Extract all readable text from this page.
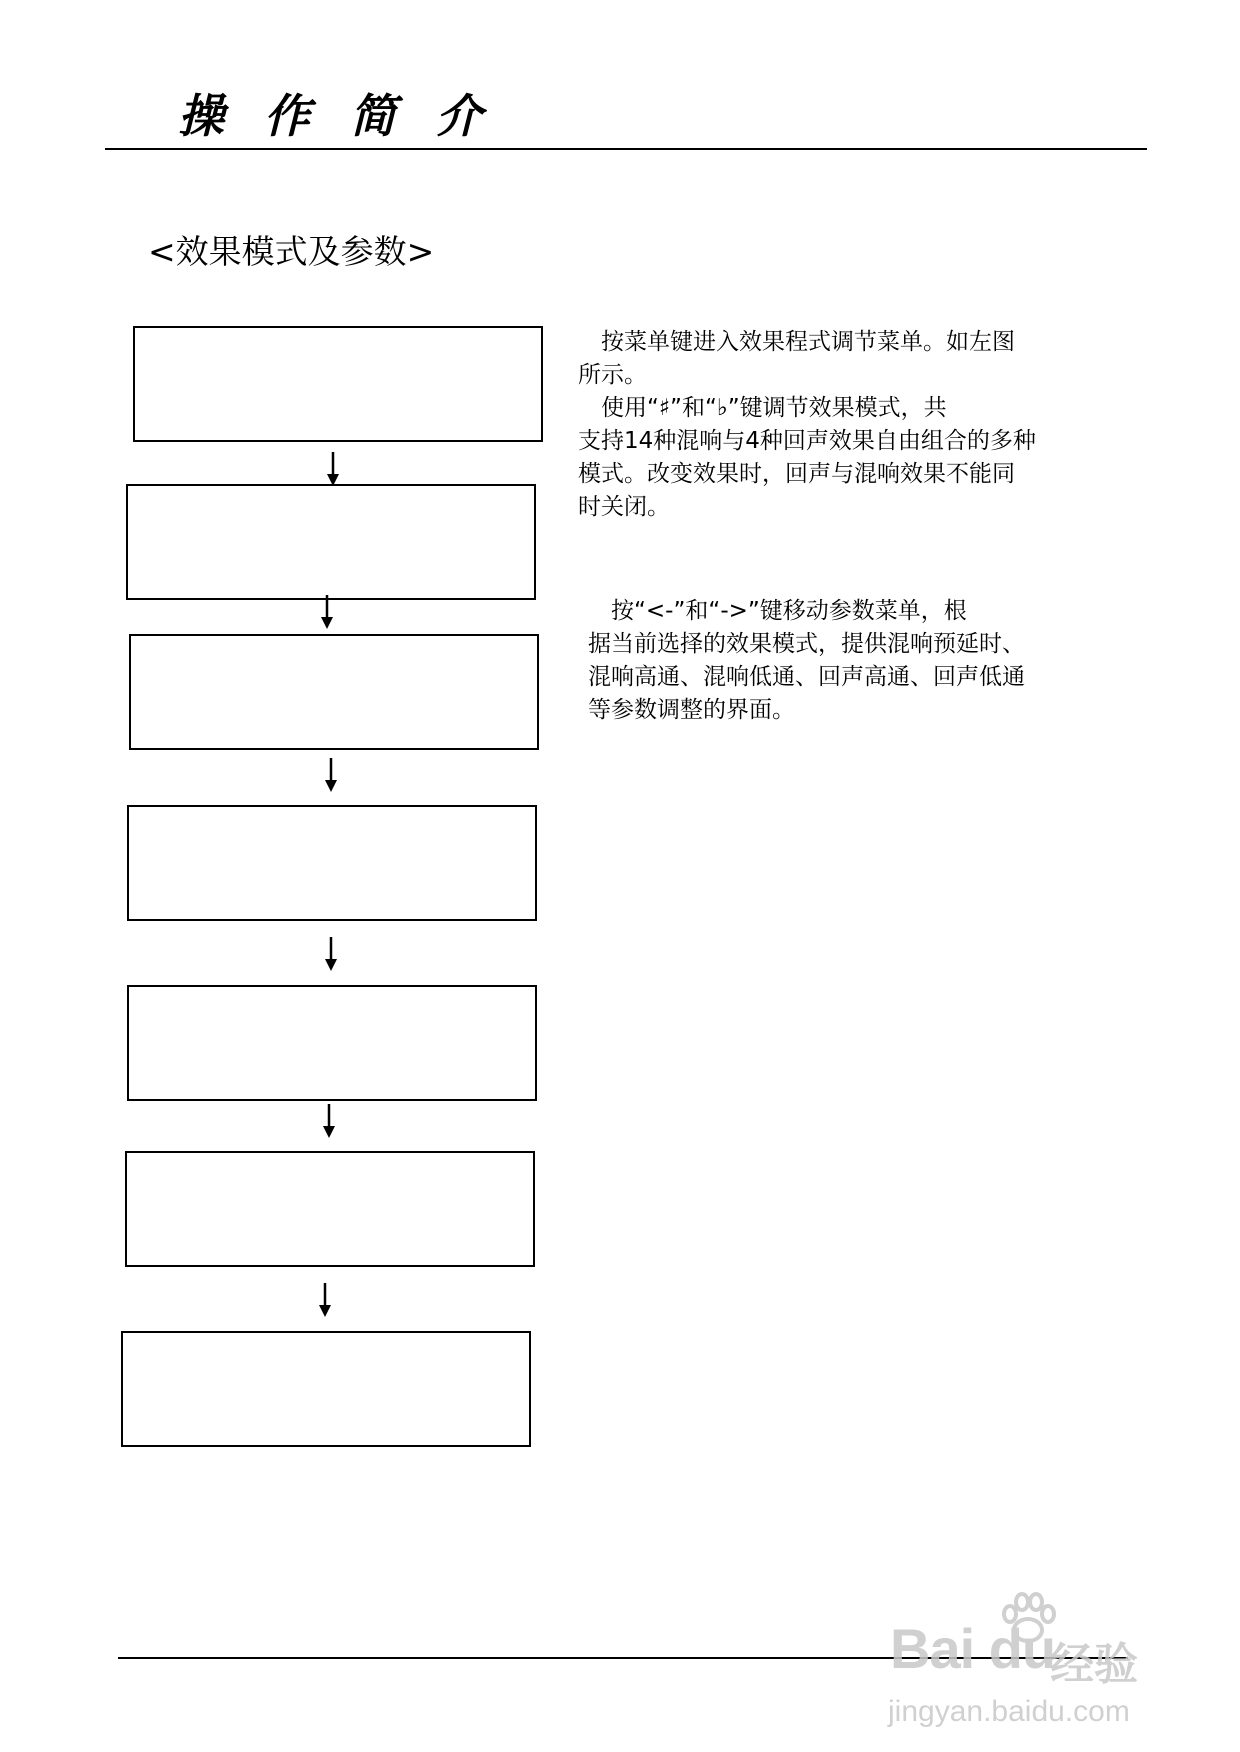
操 作 简 介
<效果模式及参数>

　按菜单键进入效果程式调节菜单。如左图

所示。

　使用“♯”和“♭”键调节效果模式，共

支持14种混响与4种回声效果自由组合的多种

模式。改变效果时，回声与混响效果不能同

时关闭。

　按“<-”和“->”键移动参数菜单，根

据当前选择的效果模式，提供混响预延时、

混响高通、混响低通、回声高通、回声低通

等参数调整的界面。

Bai du
经验
jingyan.baidu.com
